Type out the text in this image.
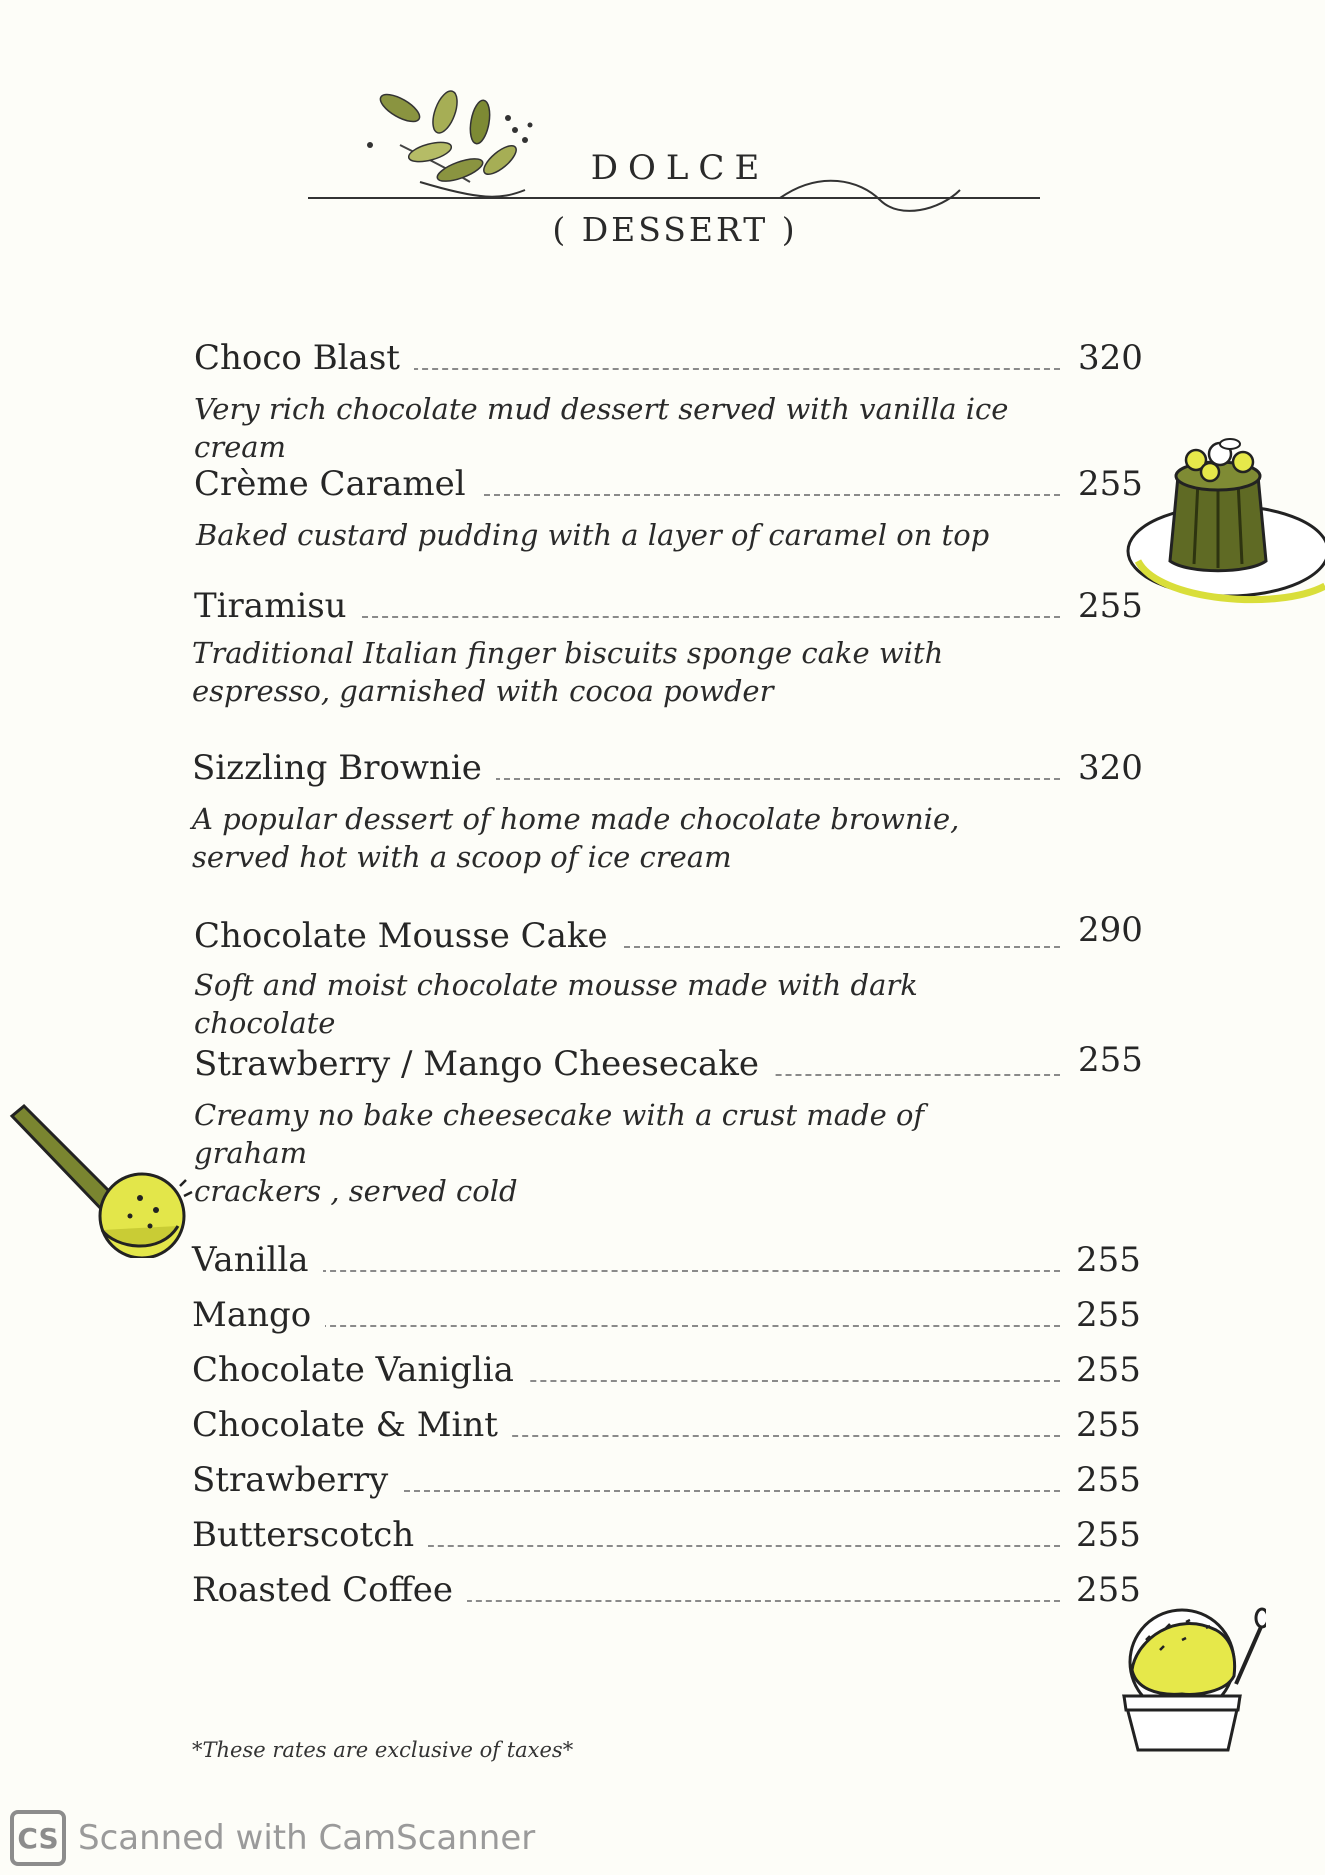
DOLCE
( DESSERT )
Choco Blast	320
Very rich chocolate mud dessert served with vanilla ice cream
Crème Caramel	255
Baked custard pudding with a layer of caramel on top
Tiramisu	255
Traditional Italian finger biscuits sponge cake with
espresso, garnished with cocoa powder
Sizzling Brownie	320
A popular dessert of home made chocolate brownie,
served hot with a scoop of ice cream
Chocolate Mousse Cake	290
Soft and moist chocolate mousse made with dark chocolate
Strawberry / Mango Cheesecake	255
Creamy no bake cheesecake with a crust made of graham
crackers , served cold
Vanilla	255
Mango	255
Chocolate Vaniglia	255
Chocolate & Mint	255
Strawberry	255
Butterscotch	255
Roasted Coffee	255
*These rates are exclusive of taxes*
CS Scanned with CamScanner
